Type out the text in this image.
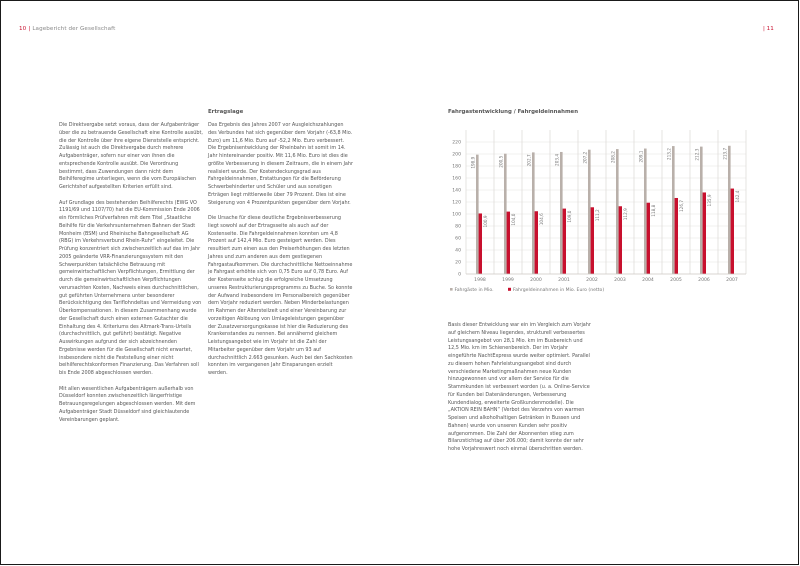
10 | Lagebericht der Gesellschaft	| 11

Die Direktvergabe setzt voraus, dass der Aufgabenträger über die zu betrauende Gesellschaft eine Kontrolle ausübt, die der Kontrolle über ihre eigene Dienststelle entspricht. Zulässig ist auch die Direktvergabe durch mehrere Aufgabenträger, sofern nur einer von ihnen die entsprechende Kontrolle ausübt. Die Verordnung bestimmt, dass Zuwendungen dann nicht dem Beihilferegime unterliegen, wenn die vom Europäischen Gerichtshof aufgestellten Kriterien erfüllt sind.

Auf Grundlage des bestehenden Beihilferechts (EWG VO 1191/69 und 1107/70) hat die EU-Kommission Ende 2006 ein förmliches Prüfverfahren mit dem Titel „Staatliche Beihilfe für die Verkehrsunternehmen Bahnen der Stadt Monheim (BSM) und Rheinische Bahngesellschaft AG (RBG) im Verkehrsverbund Rhein-Ruhr“ eingeleitet. Die Prüfung konzentriert sich zwischenzeitlich auf das im Jahr 2005 geänderte VRR-Finanzierungssystem mit den Schwerpunkten tatsächliche Betrauung mit gemeinwirtschaftlichen Verpflichtungen, Ermittlung der durch die gemeinwirtschaftlichen Verpflichtungen verursachten Kosten, Nachweis eines durchschnittlichen, gut geführten Unternehmens unter besonderer Berücksichtigung des Tariflohndeltas und Vermeidung von Überkompensationen. In diesem Zusammenhang wurde der Gesellschaft durch einen externen Gutachter die Einhaltung des 4. Kriteriums des Altmark-Trans-Urteils (durchschnittlich, gut geführt) bestätigt. Negative Auswirkungen aufgrund der sich abzeichnenden Ergebnisse werden für die Gesellschaft nicht erwartet, insbesondere nicht die Feststellung einer nicht beihilferechtskonformen Finanzierung. Das Verfahren soll bis Ende 2008 abgeschlossen werden.

Mit allen wesentlichen Aufgabenträgern außerhalb von Düsseldorf konnten zwischenzeitlich längerfristige Betrauungsregelungen abgeschlossen werden. Mit dem Aufgabenträger Stadt Düsseldorf sind gleichlautende Vereinbarungen geplant.

Ertragslage

Das Ergebnis des Jahres 2007 vor Ausgleichszahlungen des Verbundes hat sich gegenüber dem Vorjahr (-63,8 Mio. Euro) um 11,6 Mio. Euro auf -52,2 Mio. Euro verbessert. Die Ergebnisentwicklung der Rheinbahn ist somit im 14. Jahr hintereinander positiv. Mit 11,6 Mio. Euro ist dies die größte Verbesserung in diesem Zeitraum, die in einem Jahr realisiert wurde. Der Kostendeckungsgrad aus Fahrgeldeinnahmen, Erstattungen für die Beförderung Schwerbehinderter und Schüler und aus sonstigen Erträgen liegt mittlerweile über 79 Prozent. Dies ist eine Steigerung von 4 Prozentpunkten gegenüber dem Vorjahr.

Die Ursache für diese deutliche Ergebnisverbesserung liegt sowohl auf der Ertragsseite als auch auf der Kostenseite. Die Fahrgeldeinnahmen konnten um 4,8 Prozent auf 142,4 Mio. Euro gesteigert werden. Dies resultiert zum einen aus den Preiserhöhungen des letzten Jahres und zum anderen aus dem gestiegenen Fahrgastaufkommen. Die durchschnittliche Nettoeinnahme je Fahrgast erhöhte sich von 0,75 Euro auf 0,78 Euro. Auf der Kostenseite schlug die erfolgreiche Umsetzung unseres Restrukturierungsprogramms zu Buche. So konnte der Aufwand insbesondere im Personalbereich gegenüber dem Vorjahr reduziert werden. Neben Minderbelastungen im Rahmen der Altersteilzeit und einer Vereinbarung zur vorzeitigen Ablösung von Umlageleistungen gegenüber der Zusatzversorgungskasse ist hier die Reduzierung des Krankenstandes zu nennen. Bei annähernd gleichem Leistungsangebot wie im Vorjahr ist die Zahl der Mitarbeiter gegenüber dem Vorjahr um 93 auf durchschnittlich 2.663 gesunken. Auch bei den Sachkosten konnten im vergangenen Jahr Einsparungen erzielt werden.

Fahrgastentwicklung / Fahrgeldeinnahmen
0
20
40
60
80
100
120
140
160
180
200
220
198,9
100,9
1998
200,5
104,0
1999
202,7
104,6
2000
203,4
109,0
2001
207,2
111,2
2002
208,2
112,9
2003
209,1
118,8
2004
213,2
126,7
2005
212,3
135,9
2006
213,7
142,4
2007
Fahrgäste in Mio.	Fahrgeldeinnahmen in Mio. Euro (netto)

Basis dieser Entwicklung war ein im Vergleich zum Vorjahr auf gleichem Niveau liegendes, strukturell verbessertes Leistungsangebot von 28,1 Mio. km im Busbereich und 12,5 Mio. km im Schienenbereich. Der im Vorjahr eingeführte NachtExpress wurde weiter optimiert. Parallel zu diesem hohen Fahrleistungsangebot sind durch verschiedene Marketingmaßnahmen neue Kunden hinzugewonnen und vor allem der Service für die Stammkunden ist verbessert worden (u. a. Online-Service für Kunden bei Datenänderungen, Verbesserung Kundendialog, erweiterte Großkundenmodelle). Die „AKTION REIN BAHN“ (Verbot des Verzehrs von warmen Speisen und alkoholhaltigen Getränken in Bussen und Bahnen) wurde von unseren Kunden sehr positiv aufgenommen. Die Zahl der Abonnenten stieg zum Bilanzstichtag auf über 206.000; damit konnte der sehr hohe Vorjahreswert noch einmal überschritten werden.
